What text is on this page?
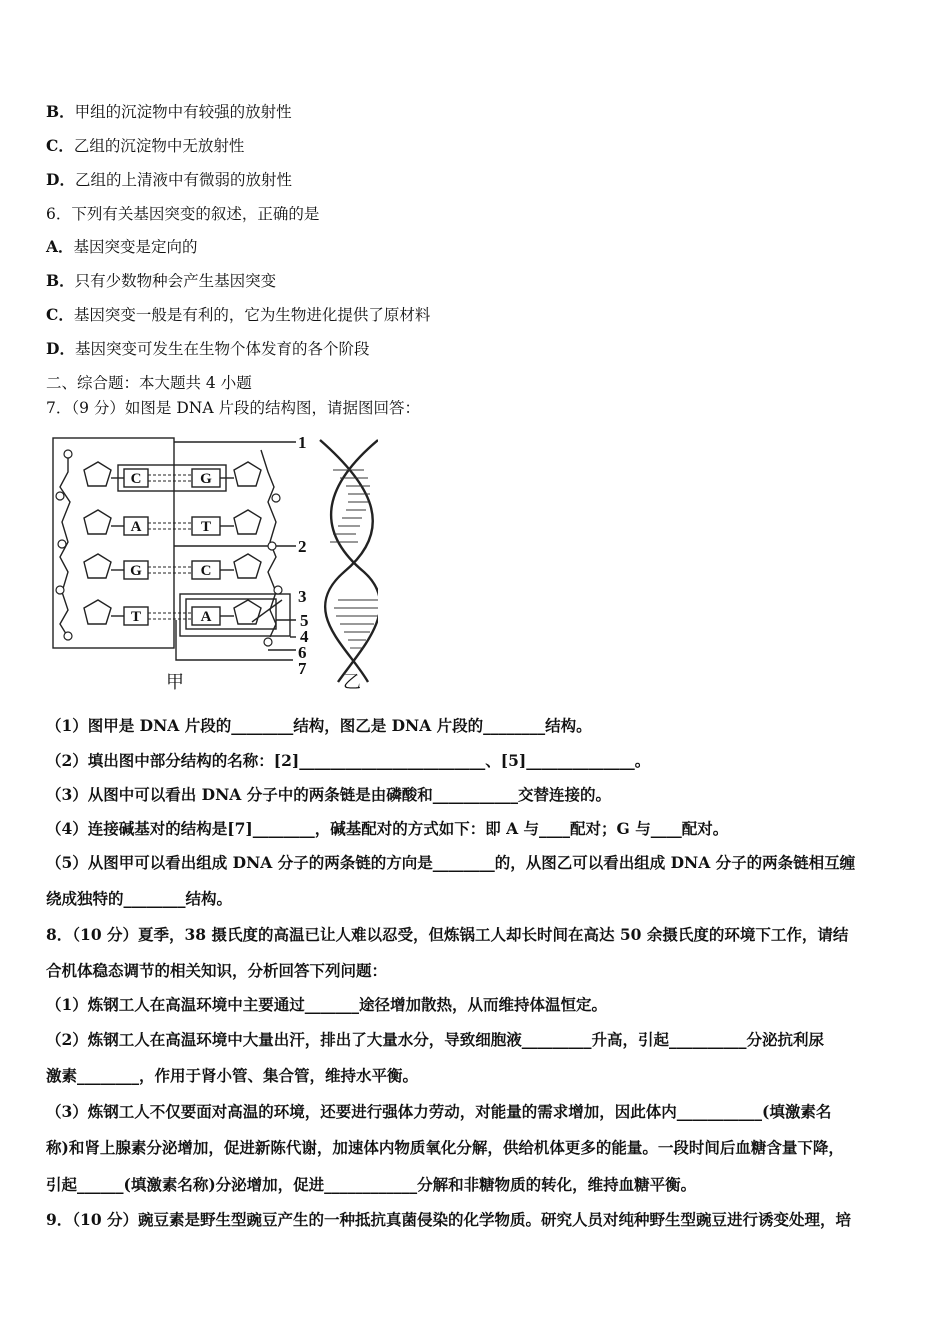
B．甲组的沉淀物中有较强的放射性
C．乙组的沉淀物中无放射性
D．乙组的上清液中有微弱的放射性
6．下列有关基因突变的叙述，正确的是
A．基因突变是定向的
B．只有少数物种会产生基因突变
C．基因突变一般是有利的，它为生物进化提供了原材料
D．基因突变可发生在生物个体发育的各个阶段
二、综合题：本大题共 4 小题
7．（9 分）如图是 DNA 片段的结构图，请据图回答：
C
A
G
T
G
T
C
A
1
2
3
5
4
6
7
甲	乙
（1）图甲是 DNA 片段的________结构，图乙是 DNA 片段的________结构。
（2）填出图中部分结构的名称：[2]________________________、[5]______________。
（3）从图中可以看出 DNA 分子中的两条链是由磷酸和___________交替连接的。
（4）连接碱基对的结构是[7]________，碱基配对的方式如下：即 A 与____配对；G 与____配对。
（5）从图甲可以看出组成 DNA 分子的两条链的方向是________的，从图乙可以看出组成 DNA 分子的两条链相互缠
绕成独特的________结构。
8．（10 分）夏季，38 摄氏度的高温已让人难以忍受，但炼锅工人却长时间在高达 50 余摄氏度的环境下工作，请结
合机体稳态调节的相关知识，分析回答下列问题：
（1）炼钢工人在高温环境中主要通过_______途径增加散热，从而维持体温恒定。
（2）炼钢工人在高温环境中大量出汗，排出了大量水分，导致细胞液_________升高，引起__________分泌抗利尿
激素________，作用于肾小管、集合管，维持水平衡。
（3）炼钢工人不仅要面对高温的环境，还要进行强体力劳动，对能量的需求增加，因此体内___________(填激素名
称)和肾上腺素分泌增加，促进新陈代谢，加速体内物质氧化分解，供给机体更多的能量。一段时间后血糖含量下降，
引起______(填激素名称)分泌增加，促进____________分解和非糖物质的转化，维持血糖平衡。
9．（10 分）豌豆素是野生型豌豆产生的一种抵抗真菌侵染的化学物质。研究人员对纯种野生型豌豆进行诱变处理，培
